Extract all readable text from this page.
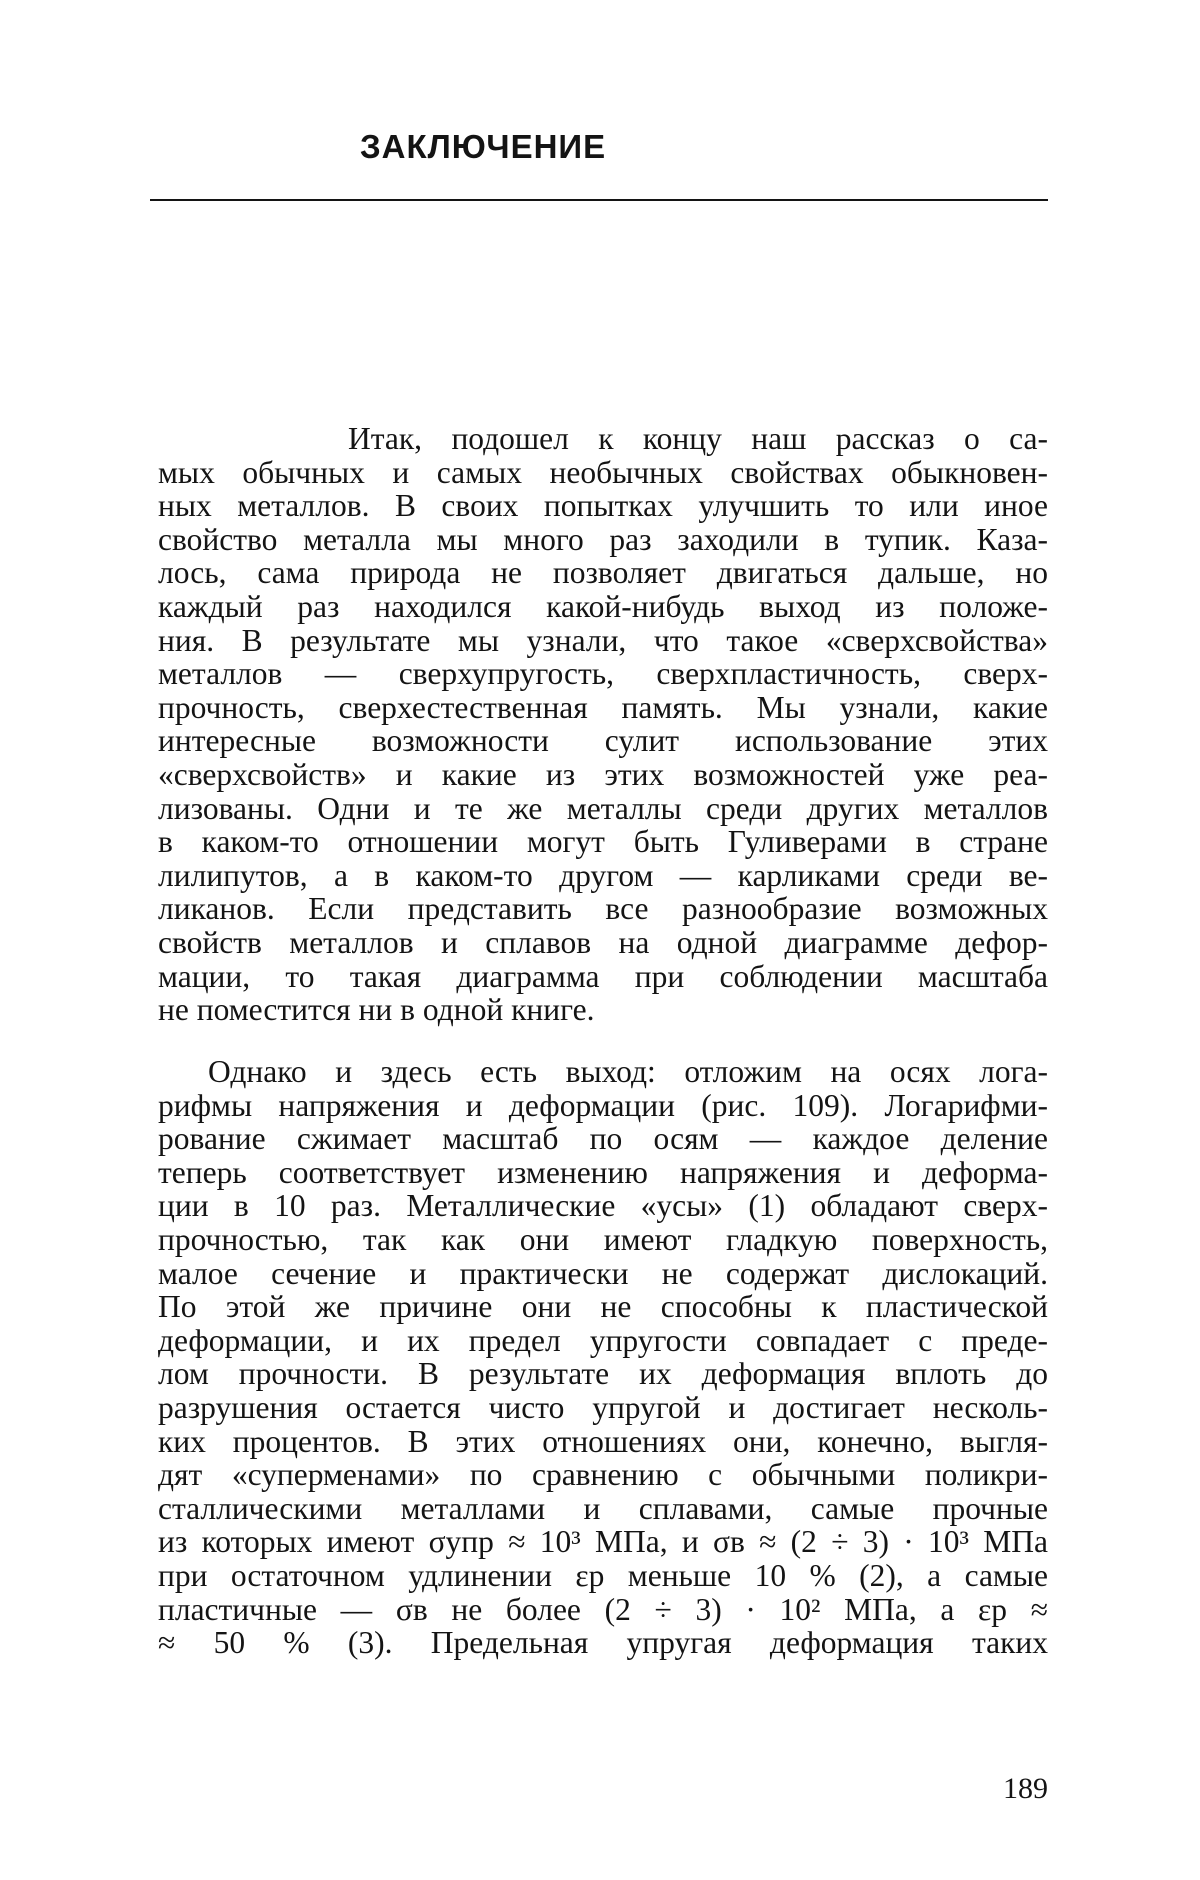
ЗАКЛЮЧЕНИЕ

Итак, подошел к концу наш рассказ о са-
мых обычных и самых необычных свойствах обыкновен-
ных металлов. В своих попытках улучшить то или иное
свойство металла мы много раз заходили в тупик. Каза-
лось, сама природа не позволяет двигаться дальше, но
каждый раз находился какой-нибудь выход из положе-
ния. В результате мы узнали, что такое «сверхсвойства»
металлов — сверхупругость, сверхпластичность, сверх-
прочность, сверхестественная память. Мы узнали, какие
интересные возможности сулит использование этих
«сверхсвойств» и какие из этих возможностей уже реа-
лизованы. Одни и те же металлы среди других металлов
в каком-то отношении могут быть Гуливерами в стране
лилипутов, а в каком-то другом — карликами среди ве-
ликанов. Если представить все разнообразие возможных
свойств металлов и сплавов на одной диаграмме дефор-
мации, то такая диаграмма при соблюдении масштаба
не поместится ни в одной книге.

Однако и здесь есть выход: отложим на осях лога-
рифмы напряжения и деформации (рис. 109). Логарифми-
рование сжимает масштаб по осям — каждое деление
теперь соответствует изменению напряжения и деформа-
ции в 10 раз. Металлические «усы» (1) обладают сверх-
прочностью, так как они имеют гладкую поверхность,
малое сечение и практически не содержат дислокаций.
По этой же причине они не способны к пластической
деформации, и их предел упругости совпадает с преде-
лом прочности. В результате их деформация вплоть до
разрушения остается чисто упругой и достигает несколь-
ких процентов. В этих отношениях они, конечно, выгля-
дят «суперменами» по сравнению с обычными поликри-
сталлическими металлами и сплавами, самые прочные
из которых имеют σупр ≈ 10³ МПа, и σв ≈ (2 ÷ 3) · 10³ МПа
при остаточном удлинении εр меньше 10 % (2), а самые
пластичные — σв не более (2 ÷ 3) · 10² МПа, а εр ≈
≈ 50 % (3). Предельная упругая деформация таких

189
